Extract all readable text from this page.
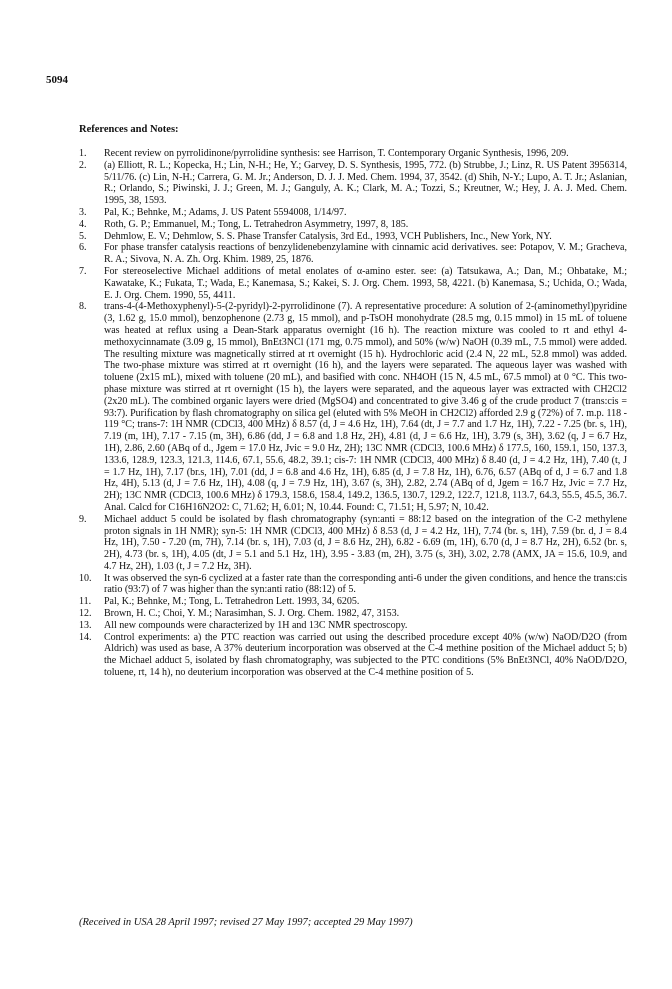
5094
References and Notes:
1. Recent review on pyrrolidinone/pyrrolidine synthesis: see Harrison, T. Contemporary Organic Synthesis, 1996, 209.
2. (a) Elliott, R. L.; Kopecka, H.; Lin, N-H.; He, Y.; Garvey, D. S. Synthesis, 1995, 772. (b) Strubbe, J.; Linz, R. US Patent 3956314, 5/11/76. (c) Lin, N-H.; Carrera, G. M. Jr.; Anderson, D. J. J. Med. Chem. 1994, 37, 3542. (d) Shih, N-Y.; Lupo, A. T. Jr.; Aslanian, R.; Orlando, S.; Piwinski, J. J.; Green, M. J.; Ganguly, A. K.; Clark, M. A.; Tozzi, S.; Kreutner, W.; Hey, J. A. J. Med. Chem. 1995, 38, 1593.
3. Pal, K.; Behnke, M.; Adams, J. US Patent 5594008, 1/14/97.
4. Roth, G. P.; Emmanuel, M.; Tong, L. Tetrahedron Asymmetry, 1997, 8, 185.
5. Dehmlow, E. V.; Dehmlow, S. S. Phase Transfer Catalysis, 3rd Ed., 1993, VCH Publishers, Inc., New York, NY.
6. For phase transfer catalysis reactions of benzylidenebenzylamine with cinnamic acid derivatives. see: Potapov, V. M.; Gracheva, R. A.; Sivova, N. A. Zh. Org. Khim. 1989, 25, 1876.
7. For stereoselective Michael additions of metal enolates of α-amino ester. see: (a) Tatsukawa, A.; Dan, M.; Ohbatake, M.; Kawatake, K.; Fukata, T.; Wada, E.; Kanemasa, S.; Kakei, S. J. Org. Chem. 1993, 58, 4221. (b) Kanemasa, S.; Uchida, O.; Wada, E. J. Org. Chem. 1990, 55, 4411.
8. trans-4-(4-Methoxyphenyl)-5-(2-pyridyl)-2-pyrrolidinone (7). A representative procedure: A solution of 2-(aminomethyl)pyridine (3, 1.62 g, 15.0 mmol), benzophenone (2.73 g, 15 mmol), and p-TsOH monohydrate (28.5 mg, 0.15 mmol) in 15 mL of toluene was heated at reflux using a Dean-Stark apparatus overnight (16 h). The reaction mixture was cooled to rt and ethyl 4-methoxycinnamate (3.09 g, 15 mmol), BnEt3NCl (171 mg, 0.75 mmol), and 50% (w/w) NaOH (0.39 mL, 7.5 mmol) were added. The resulting mixture was magnetically stirred at rt overnight (15 h). Hydrochloric acid (2.4 N, 22 mL, 52.8 mmol) was added. The two-phase mixture was stirred at rt overnight (16 h), and the layers were separated. The aqueous layer was washed with toluene (2x15 mL), mixed with toluene (20 mL), and basified with conc. NH4OH (15 N, 4.5 mL, 67.5 mmol) at 0 °C. This two-phase mixture was stirred at rt overnight (15 h), the layers were separated, and the aqueous layer was extracted with CH2Cl2 (2x20 mL). The combined organic layers were dried (MgSO4) and concentrated to give 3.46 g of the crude product 7 (trans:cis = 93:7). Purification by flash chromatography on silica gel (eluted with 5% MeOH in CH2Cl2) afforded 2.9 g (72%) of 7. m.p. 118 - 119 °C; trans-7: 1H NMR (CDCl3, 400 MHz) δ 8.57 (d, J = 4.6 Hz, 1H), 7.64 (dt, J = 7.7 and 1.7 Hz, 1H), 7.22 - 7.25 (br. s, 1H), 7.19 (m, 1H), 7.17 - 7.15 (m, 3H), 6.86 (dd, J = 6.8 and 1.8 Hz, 2H), 4.81 (d, J = 6.6 Hz, 1H), 3.79 (s, 3H), 3.62 (q, J = 6.7 Hz, 1H), 2.86, 2.60 (ABq of d., Jgem = 17.0 Hz, Jvic = 9.0 Hz, 2H); 13C NMR (CDCl3, 100.6 MHz) δ 177.5, 160, 159.1, 150, 137.3, 133.6, 128.9, 123.3, 121.3, 114.6, 67.1, 55.6, 48.2, 39.1; cis-7: 1H NMR (CDCl3, 400 MHz) δ 8.40 (d, J = 4.2 Hz, 1H), 7.40 (t, J = 1.7 Hz, 1H), 7.17 (br.s, 1H), 7.01 (dd, J = 6.8 and 4.6 Hz, 1H), 6.85 (d, J = 7.8 Hz, 1H), 6.76, 6.57 (ABq of d, J = 6.7 and 1.8 Hz, 4H), 5.13 (d, J = 7.6 Hz, 1H), 4.08 (q, J = 7.9 Hz, 1H), 3.67 (s, 3H), 2.82, 2.74 (ABq of d, Jgem = 16.7 Hz, Jvic = 7.7 Hz, 2H); 13C NMR (CDCl3, 100.6 MHz) δ 179.3, 158.6, 158.4, 149.2, 136.5, 130.7, 129.2, 122.7, 121.8, 113.7, 64.3, 55.5, 45.5, 36.7. Anal. Calcd for C16H16N2O2: C, 71.62; H, 6.01; N, 10.44. Found: C, 71.51; H, 5.97; N, 10.42.
9. Michael adduct 5 could be isolated by flash chromatography (syn:anti = 88:12 based on the integration of the C-2 methylene proton signals in 1H NMR); syn-5: 1H NMR (CDCl3, 400 MHz) δ 8.53 (d, J = 4.2 Hz, 1H), 7.74 (br. s, 1H), 7.59 (br. d, J = 8.4 Hz, 1H), 7.50 - 7.20 (m, 7H), 7.14 (br. s, 1H), 7.03 (d, J = 8.6 Hz, 2H), 6.82 - 6.69 (m, 1H), 6.70 (d, J = 8.7 Hz, 2H), 6.52 (br. s, 2H), 4.73 (br. s, 1H), 4.05 (dt, J = 5.1 and 5.1 Hz, 1H), 3.95 - 3.83 (m, 2H), 3.75 (s, 3H), 3.02, 2.78 (AMX, JA = 15.6, 10.9, and 4.7 Hz, 2H), 1.03 (t, J = 7.2 Hz, 3H).
10. It was observed the syn-6 cyclized at a faster rate than the corresponding anti-6 under the given conditions, and hence the trans:cis ratio (93:7) of 7 was higher than the syn:anti ratio (88:12) of 5.
11. Pal, K.; Behnke, M.; Tong, L. Tetrahedron Lett. 1993, 34, 6205.
12. Brown, H. C.; Choi, Y. M.; Narasimhan, S. J. Org. Chem. 1982, 47, 3153.
13. All new compounds were characterized by 1H and 13C NMR spectroscopy.
14. Control experiments: a) the PTC reaction was carried out using the described procedure except 40% (w/w) NaOD/D2O (from Aldrich) was used as base, A 37% deuterium incorporation was observed at the C-4 methine position of the Michael adduct 5; b) the Michael adduct 5, isolated by flash chromatography, was subjected to the PTC conditions (5% BnEt3NCl, 40% NaOD/D2O, toluene, rt, 14 h), no deuterium incorporation was observed at the C-4 methine position of 5.
(Received in USA 28 April 1997; revised 27 May 1997; accepted 29 May 1997)
